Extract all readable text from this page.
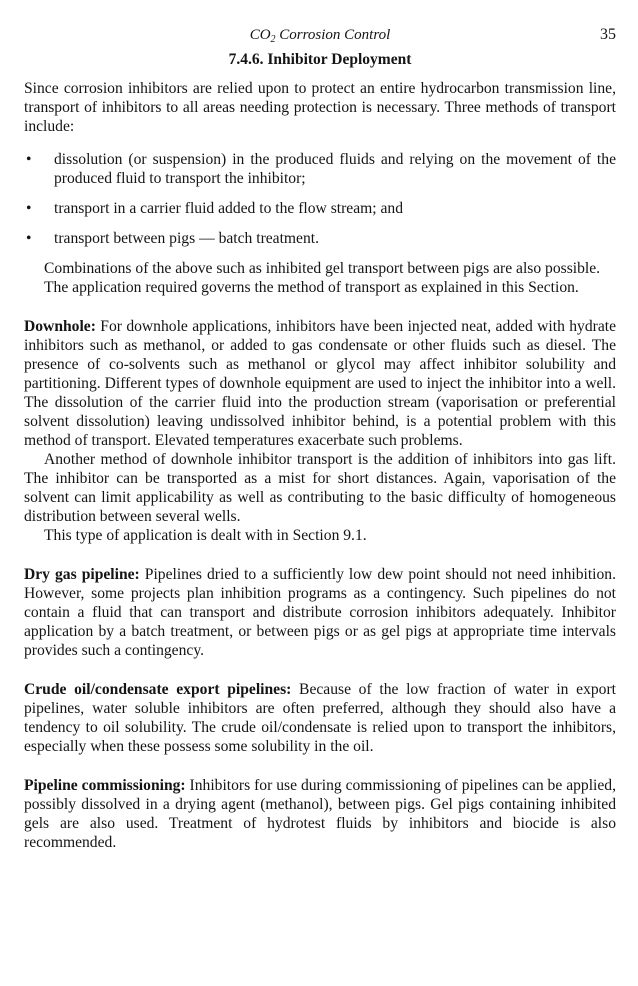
$CO_2$ Corrosion Control	35
7.4.6. Inhibitor Deployment

Since corrosion inhibitors are relied upon to protect an entire hydrocarbon transmission line, transport of inhibitors to all areas needing protection is necessary. Three methods of transport include:

• dissolution (or suspension) in the produced fluids and relying on the movement of the produced fluid to transport the inhibitor;
• transport in a carrier fluid added to the flow stream; and
• transport between pigs — batch treatment.

Combinations of the above such as inhibited gel transport between pigs are also possible.

The application required governs the method of transport as explained in this Section.

Downhole: For downhole applications, inhibitors have been injected neat, added with hydrate inhibitors such as methanol, or added to gas condensate or other fluids such as diesel. The presence of co-solvents such as methanol or glycol may affect inhibitor solubility and partitioning. Different types of downhole equipment are used to inject the inhibitor into a well. The dissolution of the carrier fluid into the production stream (vaporisation or preferential solvent dissolution) leaving undissolved inhibitor behind, is a potential problem with this method of transport. Elevated temperatures exacerbate such problems.

Another method of downhole inhibitor transport is the addition of inhibitors into gas lift. The inhibitor can be transported as a mist for short distances. Again, vaporisation of the solvent can limit applicability as well as contributing to the basic difficulty of homogeneous distribution between several wells.

This type of application is dealt with in Section 9.1.

Dry gas pipeline: Pipelines dried to a sufficiently low dew point should not need inhibition. However, some projects plan inhibition programs as a contingency. Such pipelines do not contain a fluid that can transport and distribute corrosion inhibitors adequately. Inhibitor application by a batch treatment, or between pigs or as gel pigs at appropriate time intervals provides such a contingency.

Crude oil/condensate export pipelines: Because of the low fraction of water in export pipelines, water soluble inhibitors are often preferred, although they should also have a tendency to oil solubility. The crude oil/condensate is relied upon to transport the inhibitors, especially when these possess some solubility in the oil.

Pipeline commissioning: Inhibitors for use during commissioning of pipelines can be applied, possibly dissolved in a drying agent (methanol), between pigs. Gel pigs containing inhibited gels are also used. Treatment of hydrotest fluids by inhibitors and biocide is also recommended.
